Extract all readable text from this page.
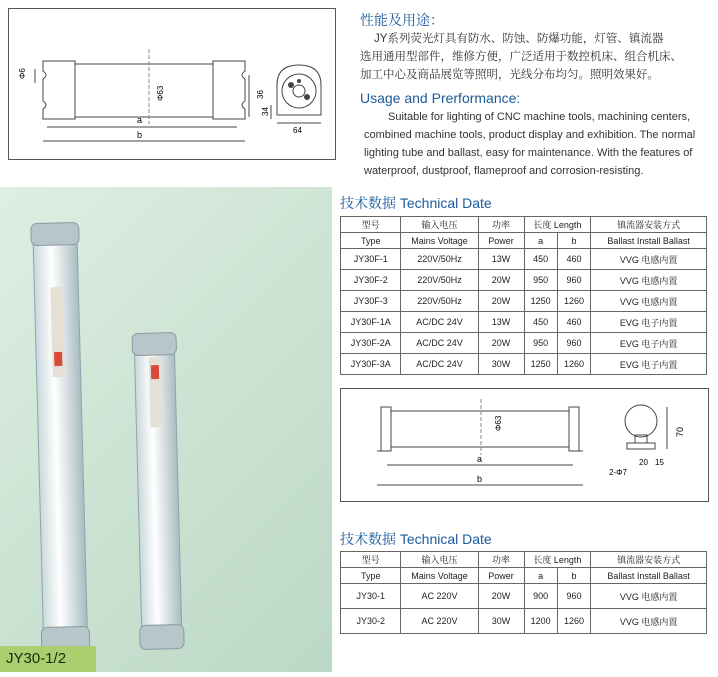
Φ6
Φ63	36
a
b
34
64
性能及用途：
JY系列荧光灯具有防水、防蚀、防爆功能，灯管、镇流器
选用通用型部件，维修方便，广泛适用于数控机床、组合机床、
加工中心及商品展览等照明，光线分布均匀。照明效果好。
Usage and Prerformance:
Suitable for lighting of CNC machine tools, machining centers,
combined machine tools, product display and exhibition. The normal
lighting tube and ballast, easy for maintenance. With the features of
waterproof, dustproof, flameproof and corrosion-resisting.
JY30-1/2
技术数据 Technical Date
型号	输入电压	功率	长度 Length		镇流器安装方式
Type	Mains Voltage	Power	a	b	Ballast Install Ballast
JY30F-1	220V/50Hz	13W	450	460	VVG 电感内置
JY30F-2	220V/50Hz	20W	950	960	VVG 电感内置
JY30F-3	220V/50Hz	20W	1250	1260	VVG 电感内置
JY30F-1A	AC/DC 24V	13W	450	460	EVG 电子内置
JY30F-2A	AC/DC 24V	20W	950	960	EVG 电子内置
JY30F-3A	AC/DC 24V	30W	1250	1260	EVG 电子内置
Φ63
a
b
70
20 15
2-Φ7
技术数据 Technical Date
型号	输入电压	功率	长度 Length		镇流器安装方式
Type	Mains Voltage	Power	a	b	Ballast Install Ballast
JY30-1	AC 220V	20W	900	960	VVG 电感内置
JY30-2	AC 220V	30W	1200	1260	VVG 电感内置
